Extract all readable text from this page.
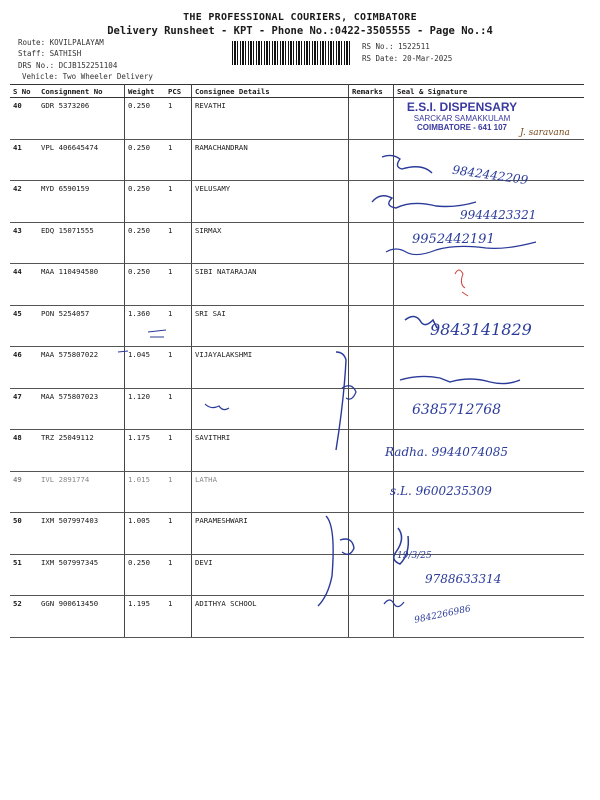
THE PROFESSIONAL COURIERS, COIMBATORE
Delivery Runsheet - KPT - Phone No.:0422-3505555 - Page No.:4
Route: KOVILPALAYAM
Staff: SATHISH
DRS No.: DCJB152251104
Vehicle: Two Wheeler Delivery
RS No.: 1522511
RS Date: 20-Mar-2025
S No	Consignment No	Weight	PCS	Consignee Details	Remarks	Seal & Signature
40	GDR 5373206	0.250	1	REVATHI		
41	VPL 406645474	0.250	1	RAMACHANDRAN		
42	MYD 6590159	0.250	1	VELUSAMY		
43	EDQ 15071555	0.250	1	SIRMAX		
44	MAA 110494580	0.250	1	SIBI NATARAJAN		
45	PON 5254057	1.360	1	SRI SAI		
46	MAA 575807022	1.045	1	VIJAYALAKSHMI		
47	MAA 575807023	1.120	1			
48	TRZ 25049112	1.175	1	SAVITHRI		
49	IVL 2891774	1.015	1	LATHA		
50	IXM 507997403	1.005	1	PARAMESHWARI		
51	IXM 507997345	0.250	1	DEVI		
52	GGN 900613450	1.195	1	ADITHYA SCHOOL		
E.S.I. DISPENSARY
SARCKAR SAMAKKULAM
COIMBATORE - 641 107
J. saravana
9842442209
9944423321
9952442191
9843141829
6385712768
Radha. 9944074085
s.L. 9600235309
19/3/25
9788633314
9842266986
